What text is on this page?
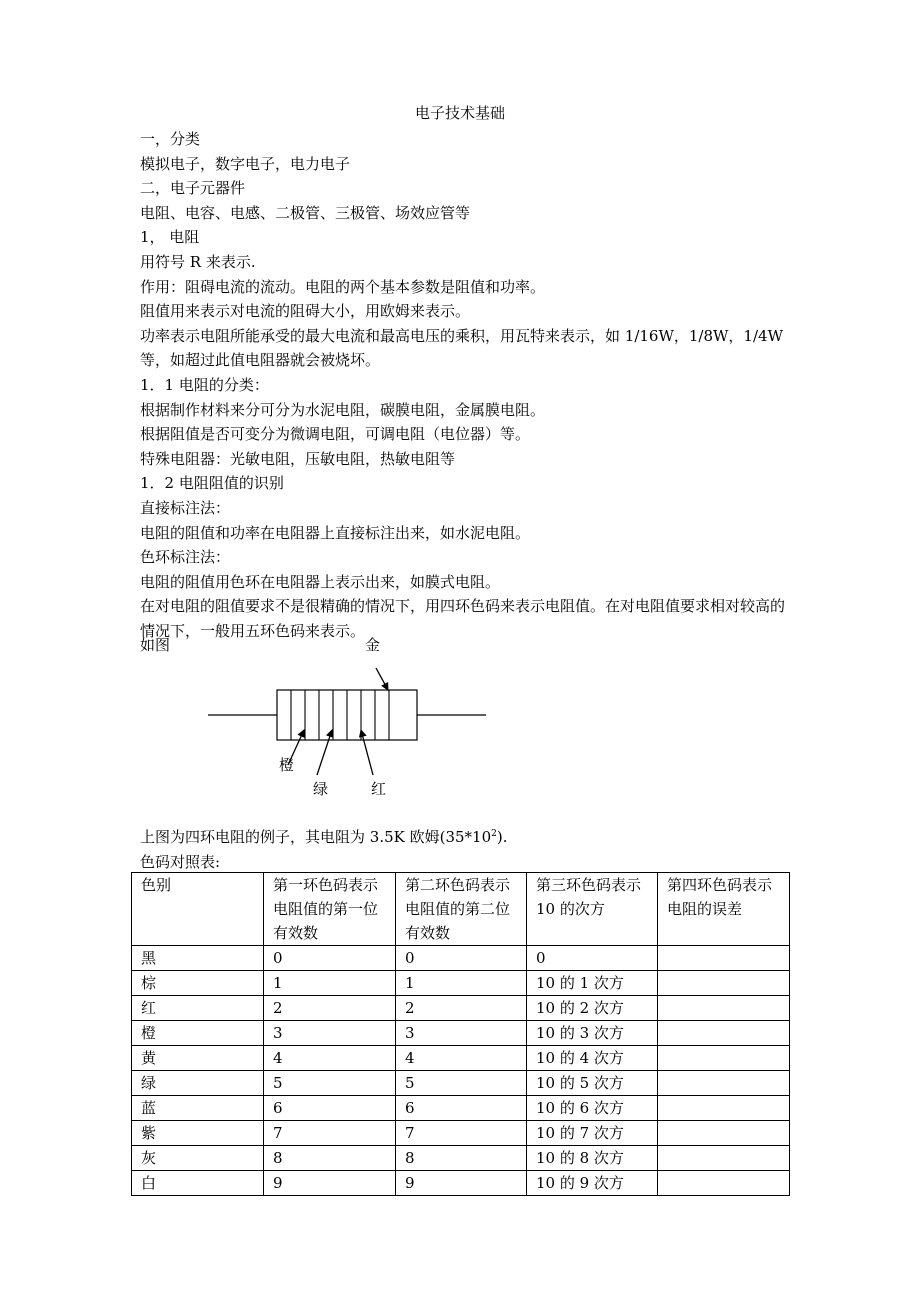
电子技术基础

一，分类

模拟电子，数字电子，电力电子

二，电子元器件

电阻、电容、电感、二极管、三极管、场效应管等

1， 电阻

用符号 R 来表示.

作用：阻碍电流的流动。电阻的两个基本参数是阻值和功率。

阻值用来表示对电流的阻碍大小，用欧姆来表示。

功率表示电阻所能承受的最大电流和最高电压的乘积，用瓦特来表示，如 1/16W，1/8W，1/4W 等，如超过此值电阻器就会被烧坏。

1．1 电阻的分类：

根据制作材料来分可分为水泥电阻，碳膜电阻，金属膜电阻。

根据阻值是否可变分为微调电阻，可调电阻（电位器）等。

特殊电阻器：光敏电阻，压敏电阻，热敏电阻等

1．2 电阻阻值的识别

直接标注法：

电阻的阻值和功率在电阻器上直接标注出来，如水泥电阻。

色环标注法：

电阻的阻值用色环在电阻器上表示出来，如膜式电阻。

在对电阻的阻值要求不是很精确的情况下，用四环色码来表示电阻值。在对电阻值要求相对较高的情况下，一般用五环色码来表示。

如图	金
橙
绿	红

上图为四环电阻的例子，其电阻为 3.5K 欧姆$(35*10^2)$.

色码对照表:

色别	第一环色码表示电阻值的第一位有效数	第二环色码表示电阻值的第二位有效数	第三环色码表示 10 的次方	第四环色码表示电阻的误差
黑	0	0	0	
棕	1	1	10 的 1 次方	
红	2	2	10 的 2 次方	
橙	3	3	10 的 3 次方	
黄	4	4	10 的 4 次方	
绿	5	5	10 的 5 次方	
蓝	6	6	10 的 6 次方	
紫	7	7	10 的 7 次方	
灰	8	8	10 的 8 次方	
白	9	9	10 的 9 次方	
